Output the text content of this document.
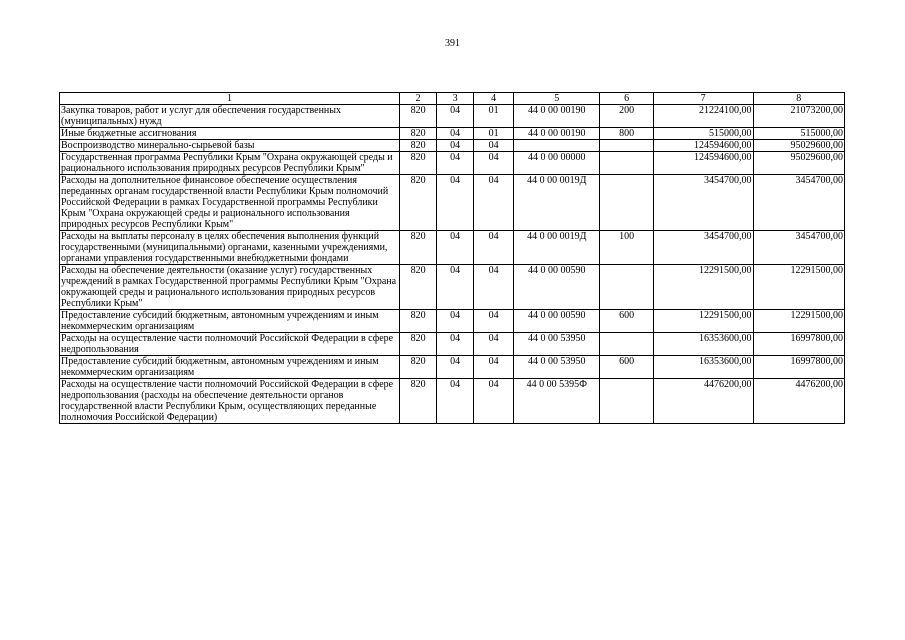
391
1	2	3	4	5	6	7	8
Закупка товаров, работ и услуг для обеспечения государственных (муниципальных) нужд	820	04	01	44 0 00 00190	200	21224100,00	21073200,00
Иные бюджетные ассигнования	820	04	01	44 0 00 00190	800	515000,00	515000,00
Воспроизводство минерально-сырьевой базы	820	04	04			124594600,00	95029600,00
Государственная программа Республики Крым "Охрана окружающей среды и рационального использования природных ресурсов Республики Крым"	820	04	04	44 0 00 00000		124594600,00	95029600,00
Расходы на дополнительное финансовое обеспечение осуществления переданных органам государственной власти Республики Крым полномочий Российской Федерации в рамках Государственной программы Республики Крым "Охрана окружающей среды и рационального использования природных ресурсов Республики Крым"	820	04	04	44 0 00 0019Д		3454700,00	3454700,00
Расходы на выплаты персоналу в целях обеспечения выполнения функций государственными (муниципальными) органами, казенными учреждениями, органами управления государственными внебюджетными фондами	820	04	04	44 0 00 0019Д	100	3454700,00	3454700,00
Расходы на обеспечение деятельности (оказание услуг) государственных учреждений в рамках Государственной программы Республики Крым "Охрана окружающей среды и рационального использования природных ресурсов Республики Крым"	820	04	04	44 0 00 00590		12291500,00	12291500,00
Предоставление субсидий бюджетным, автономным учреждениям и иным некоммерческим организациям	820	04	04	44 0 00 00590	600	12291500,00	12291500,00
Расходы на осуществление части полномочий Российской Федерации в сфере недропользования	820	04	04	44 0 00 53950		16353600,00	16997800,00
Предоставление субсидий бюджетным, автономным учреждениям и иным некоммерческим организациям	820	04	04	44 0 00 53950	600	16353600,00	16997800,00
Расходы на осуществление части полномочий Российской Федерации в сфере недропользования (расходы на обеспечение деятельности органов государственной власти Республики Крым, осуществляющих переданные полномочия Российской Федерации)	820	04	04	44 0 00 5395Ф		4476200,00	4476200,00
